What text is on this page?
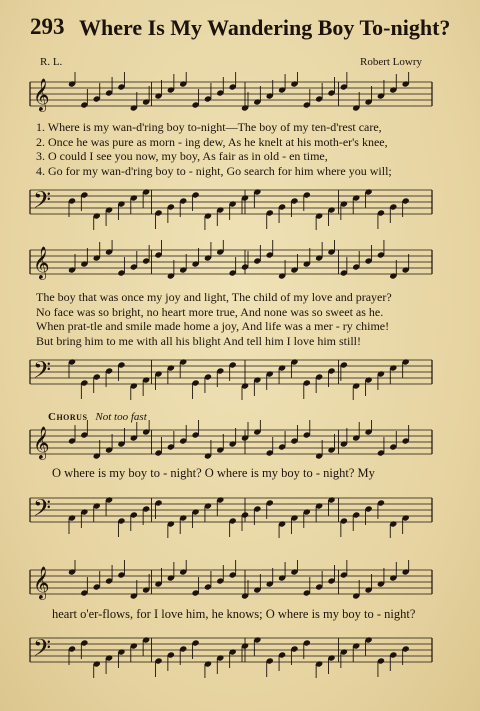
293 Where Is My Wandering Boy To-night?
R. L.	Robert Lowry
𝄞
1. Where is my wan-d'ring boy to-night—The boy of my ten-d'rest care,
2. Once he was pure as morn - ing dew, As he knelt at his moth-er's knee,
3. O could I see you now, my boy, As fair as in old - en time,
4. Go for my wan-d'ring boy to - night, Go search for him where you will;
𝄢
𝄞
The boy that was once my joy and light, The child of my love and prayer?
No face was so bright, no heart more true, And none was so sweet as he.
When prat-tle and smile made home a joy, And life was a mer - ry chime!
But bring him to me with all his blight And tell him I love him still!
𝄢
Chorus Not too fast
𝄞
O where is my boy to - night? O where is my boy to - night? My
𝄢
𝄞
heart o'er-flows, for I love him, he knows; O where is my boy to - night?
𝄢
